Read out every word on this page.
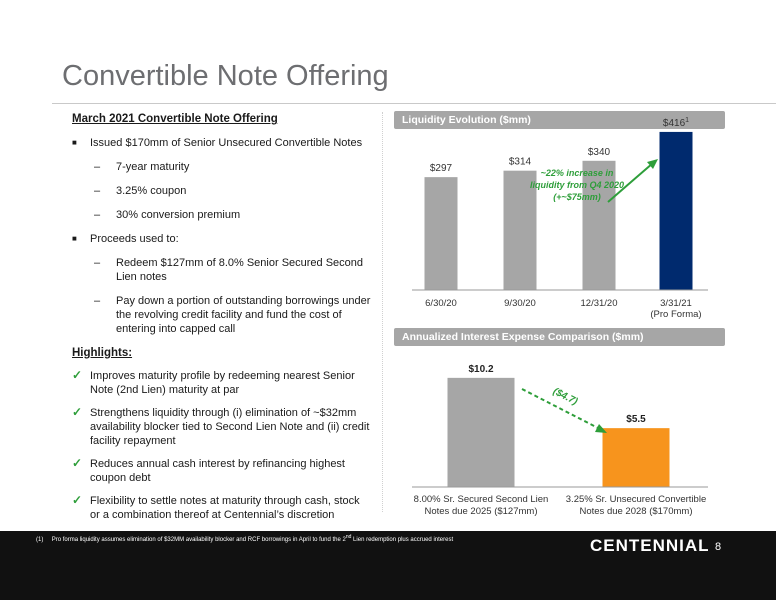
Convertible Note Offering
March 2021 Convertible Note Offering
■ Issued $170mm of Senior Unsecured Convertible Notes
– 7-year maturity
– 3.25% coupon
– 30% conversion premium
■ Proceeds used to:
– Redeem $127mm of 8.0% Senior Secured Second Lien notes
– Pay down a portion of outstanding borrowings under the revolving credit facility and fund the cost of entering into capped call
Highlights:
✓ Improves maturity profile by redeeming nearest Senior Note (2nd Lien) maturity at par
✓ Strengthens liquidity through (i) elimination of ~$32mm availability blocker tied to Second Lien Note and (ii) credit facility repayment
✓ Reduces annual cash interest by refinancing highest coupon debt
✓ Flexibility to settle notes at maturity through cash, stock or a combination thereof at Centennial’s discretion
Liquidity Evolution ($mm)
$297
6/30/20
$314
9/30/20
$340
12/31/20
$\$416^1$
3/31/21
(Pro Forma)
~22% increase in
liquidity from Q4 2020
(+~$75mm)
Annualized Interest Expense Comparison ($mm)
$10.2
8.00% Sr. Secured Second Lien
Notes due 2025 ($127mm)
$5.5
3.25% Sr. Unsecured Convertible
Notes due 2028 ($170mm)
($4.7)
(1) Pro forma liquidity assumes elimination of $32MM availability blocker and RCF borrowings in April to fund the 2nd Lien redemption plus accrued interest	CENTENNIAL 8
